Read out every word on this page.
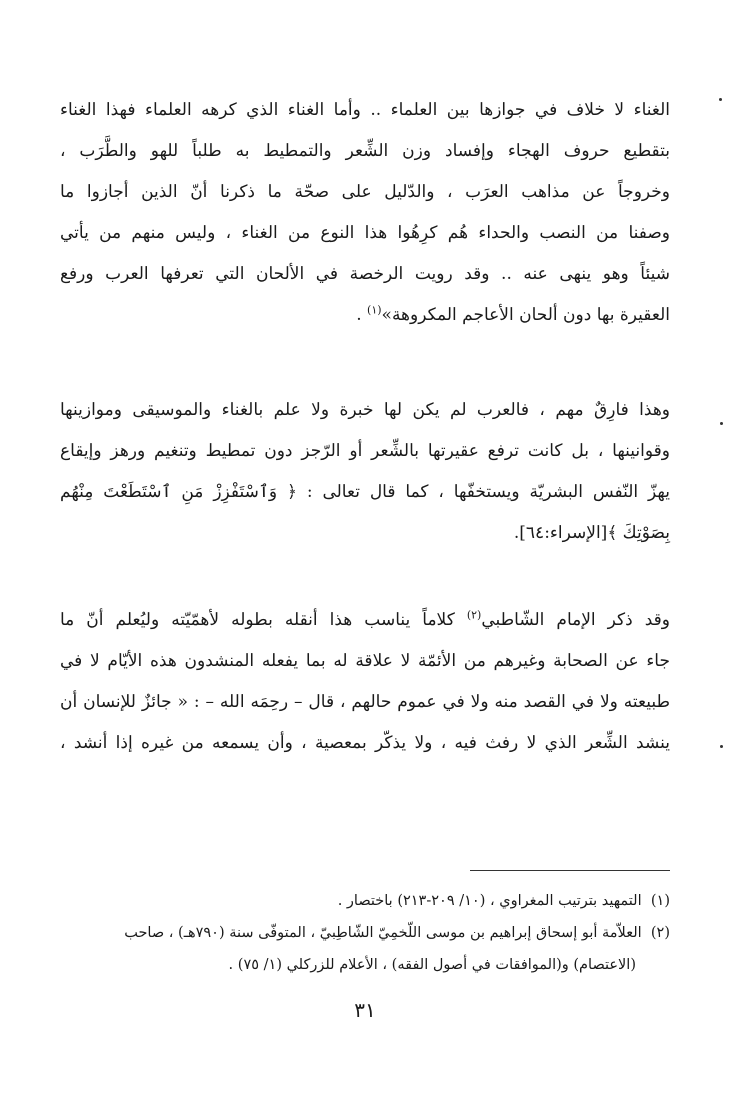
الغناء لا خلاف في جوازها بين العلماء .. وأما الغناء الذي كرهه العلماء فهذا الغناء
بتقطيع حروف الهجاء وإفساد وزن الشِّعر والتمطيط به طلباً للهو والطَّرَب ،
وخروجاً عن مذاهب العرَب ، والدّليل على صحّة ما ذكرنا أنّ الذين أجازوا ما
وصفنا من النصب والحداء هُم كرِهُوا هذا النوع من الغناء ، وليس منهم من يأتي
شيئاً وهو ينهى عنه .. وقد رويت الرخصة في الألحان التي تعرفها العرب ورفع
العقيرة بها دون ألحان الأعاجم المكروهة»$^{(١)}$ .

وهذا فارِقٌ مهم ، فالعرب لم يكن لها خبرة ولا علم بالغناء والموسيقى وموازينها
وقوانينها ، بل كانت ترفع عقيرتها بالشِّعر أو الرّجز دون تمطيط وتنغيم ورهز وإيقاع
يهزّ النّفس البشريّة ويستخفّها ، كما قال تعالى : ﴿ وَٱسْتَفْزِزْ مَنِ ٱسْتَطَعْتَ مِنْهُم
بِصَوْتِكَ ﴾[الإسراء:٦٤].

وقد ذكر الإمام الشّاطبي$^{(٢)}$ كلاماً يناسب هذا أنقله بطوله لأهمّيّته وليُعلم أنّ ما
جاء عن الصحابة وغيرهم من الأئمّة لا علاقة له بما يفعله المنشدون هذه الأيّام لا في
طبيعته ولا في القصد منه ولا في عموم حالهم ، قال – رحِمَه الله – : « جائزٌ للإنسان أن
ينشد الشِّعر الذي لا رفث فيه ، ولا يذكّر بمعصية ، وأن يسمعه من غيره إذا أنشد ،

(١)  التمهيد بترتيب المغراوي ، (١٠/ ٢٠٩-٢١٣) باختصار .
(٢)  العلاّمة أبو إسحاق إبراهيم بن موسى اللّخمِيّ الشّاطِبيّ ، المتوفّى سنة (٧٩٠هـ) ، صاحب
(الاعتصام) و(الموافقات في أصول الفقه) ، الأعلام للزركلي (١/ ٧٥) .
٣١
